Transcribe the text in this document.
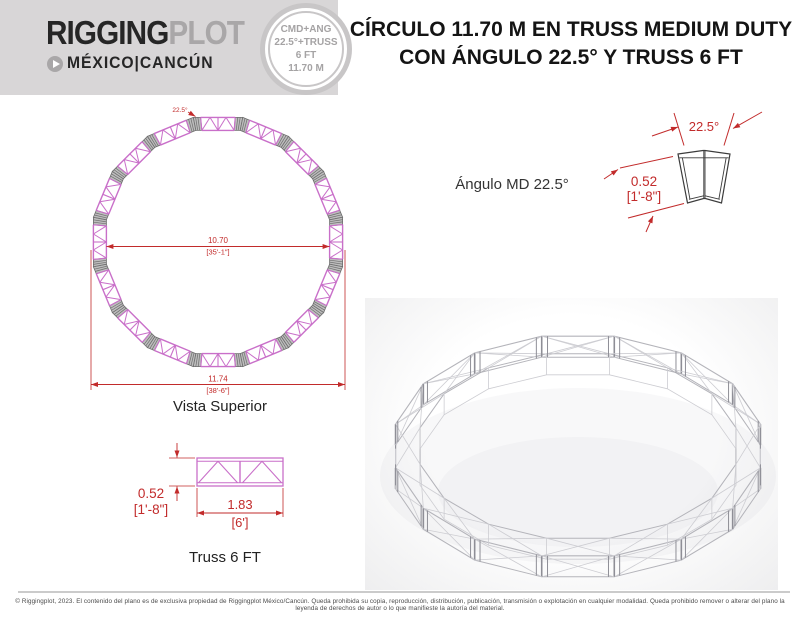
RIGGINGPLOT
MÉXICO|CANCÚN
CMD+ANG
22.5°+TRUSS
6 FT
11.70 M
CÍRCULO 11.70 M EN TRUSS MEDIUM DUTY
CON ÁNGULO 22.5° Y TRUSS 6 FT
10.70
[35'-1"]
11.74
[38'-6"]
22.5°
Vista Superior
Ángulo MD 22.5°
22.5°
0.52
[1'-8"]
0.52
[1'-8"]	1.83
[6']
Truss 6 FT
© Riggingplot, 2023. El contenido del plano es de exclusiva propiedad de Riggingplot México/Cancún. Queda prohibida su copia, reproducción, distribución, publicación, transmisión o explotación en cualquier modalidad. Queda prohibido remover o alterar del plano la leyenda de derechos de autor o lo que manifieste la autoría del material.
